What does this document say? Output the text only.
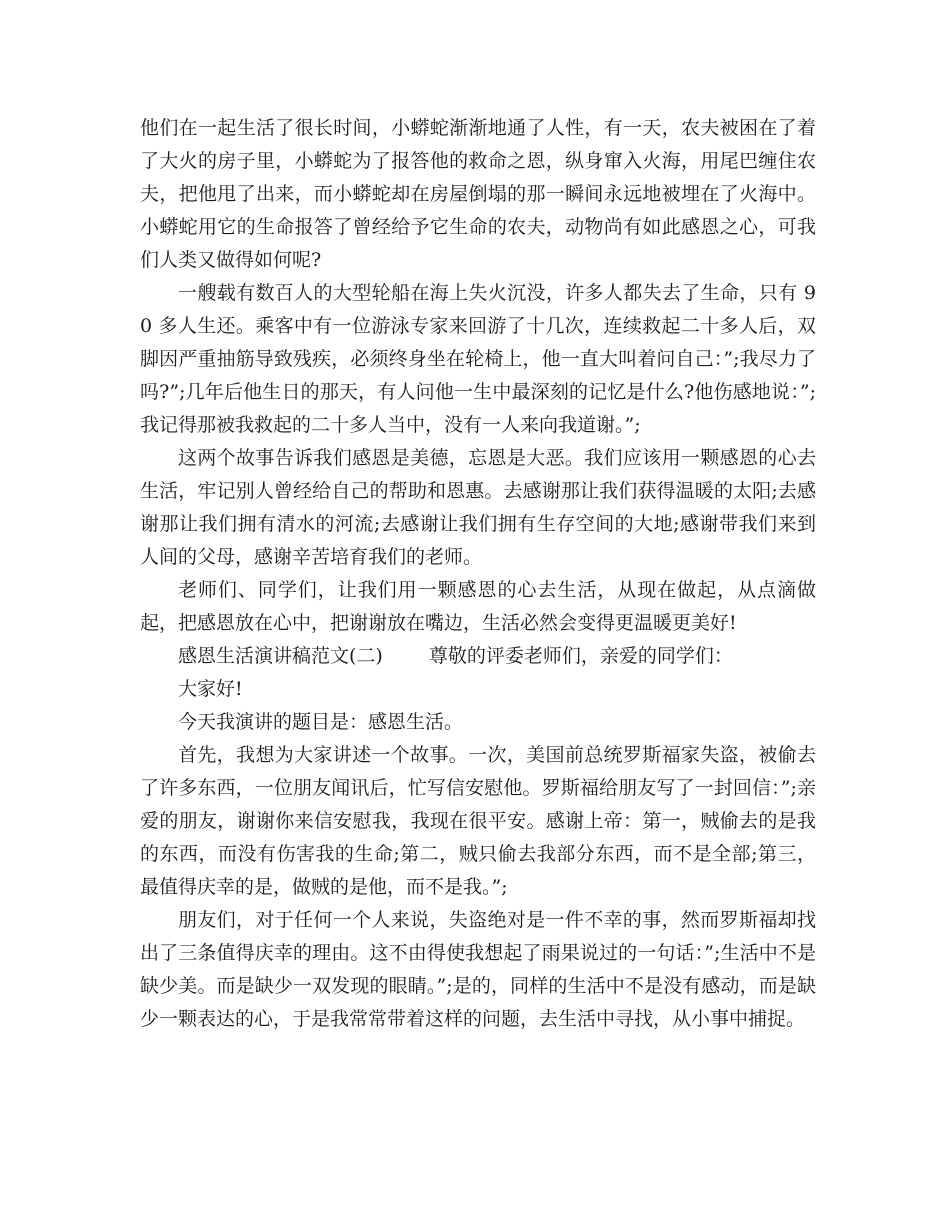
他们在一起生活了很长时间，小蟒蛇渐渐地通了人性，有一天，农夫被困在了着了大火的房子里，小蟒蛇为了报答他的救命之恩，纵身窜入火海，用尾巴缠住农夫，把他甩了出来，而小蟒蛇却在房屋倒塌的那一瞬间永远地被埋在了火海中。小蟒蛇用它的生命报答了曾经给予它生命的农夫，动物尚有如此感恩之心，可我们人类又做得如何呢?

一艘载有数百人的大型轮船在海上失火沉没，许多人都失去了生命，只有 90 多人生还。乘客中有一位游泳专家来回游了十几次，连续救起二十多人后，双脚因严重抽筋导致残疾，必须终身坐在轮椅上，他一直大叫着问自己：”;我尽力了吗?”;几年后他生日的那天，有人问他一生中最深刻的记忆是什么?他伤感地说：”;我记得那被我救起的二十多人当中，没有一人来向我道谢。”;

这两个故事告诉我们感恩是美德，忘恩是大恶。我们应该用一颗感恩的心去生活，牢记别人曾经给自己的帮助和恩惠。去感谢那让我们获得温暖的太阳;去感谢那让我们拥有清水的河流;去感谢让我们拥有生存空间的大地;感谢带我们来到人间的父母，感谢辛苦培育我们的老师。

老师们、同学们，让我们用一颗感恩的心去生活，从现在做起，从点滴做起，把感恩放在心中，把谢谢放在嘴边，生活必然会变得更温暖更美好!

感恩生活演讲稿范文(二) 尊敬的评委老师们，亲爱的同学们：

大家好!

今天我演讲的题目是：感恩生活。

首先，我想为大家讲述一个故事。一次，美国前总统罗斯福家失盗，被偷去了许多东西，一位朋友闻讯后，忙写信安慰他。罗斯福给朋友写了一封回信：”;亲爱的朋友，谢谢你来信安慰我，我现在很平安。感谢上帝：第一，贼偷去的是我的东西，而没有伤害我的生命;第二，贼只偷去我部分东西，而不是全部;第三，最值得庆幸的是，做贼的是他，而不是我。”;

朋友们，对于任何一个人来说，失盗绝对是一件不幸的事，然而罗斯福却找出了三条值得庆幸的理由。这不由得使我想起了雨果说过的一句话：”;生活中不是缺少美。而是缺少一双发现的眼睛。”;是的，同样的生活中不是没有感动，而是缺少一颗表达的心，于是我常常带着这样的问题，去生活中寻找，从小事中捕捉。
